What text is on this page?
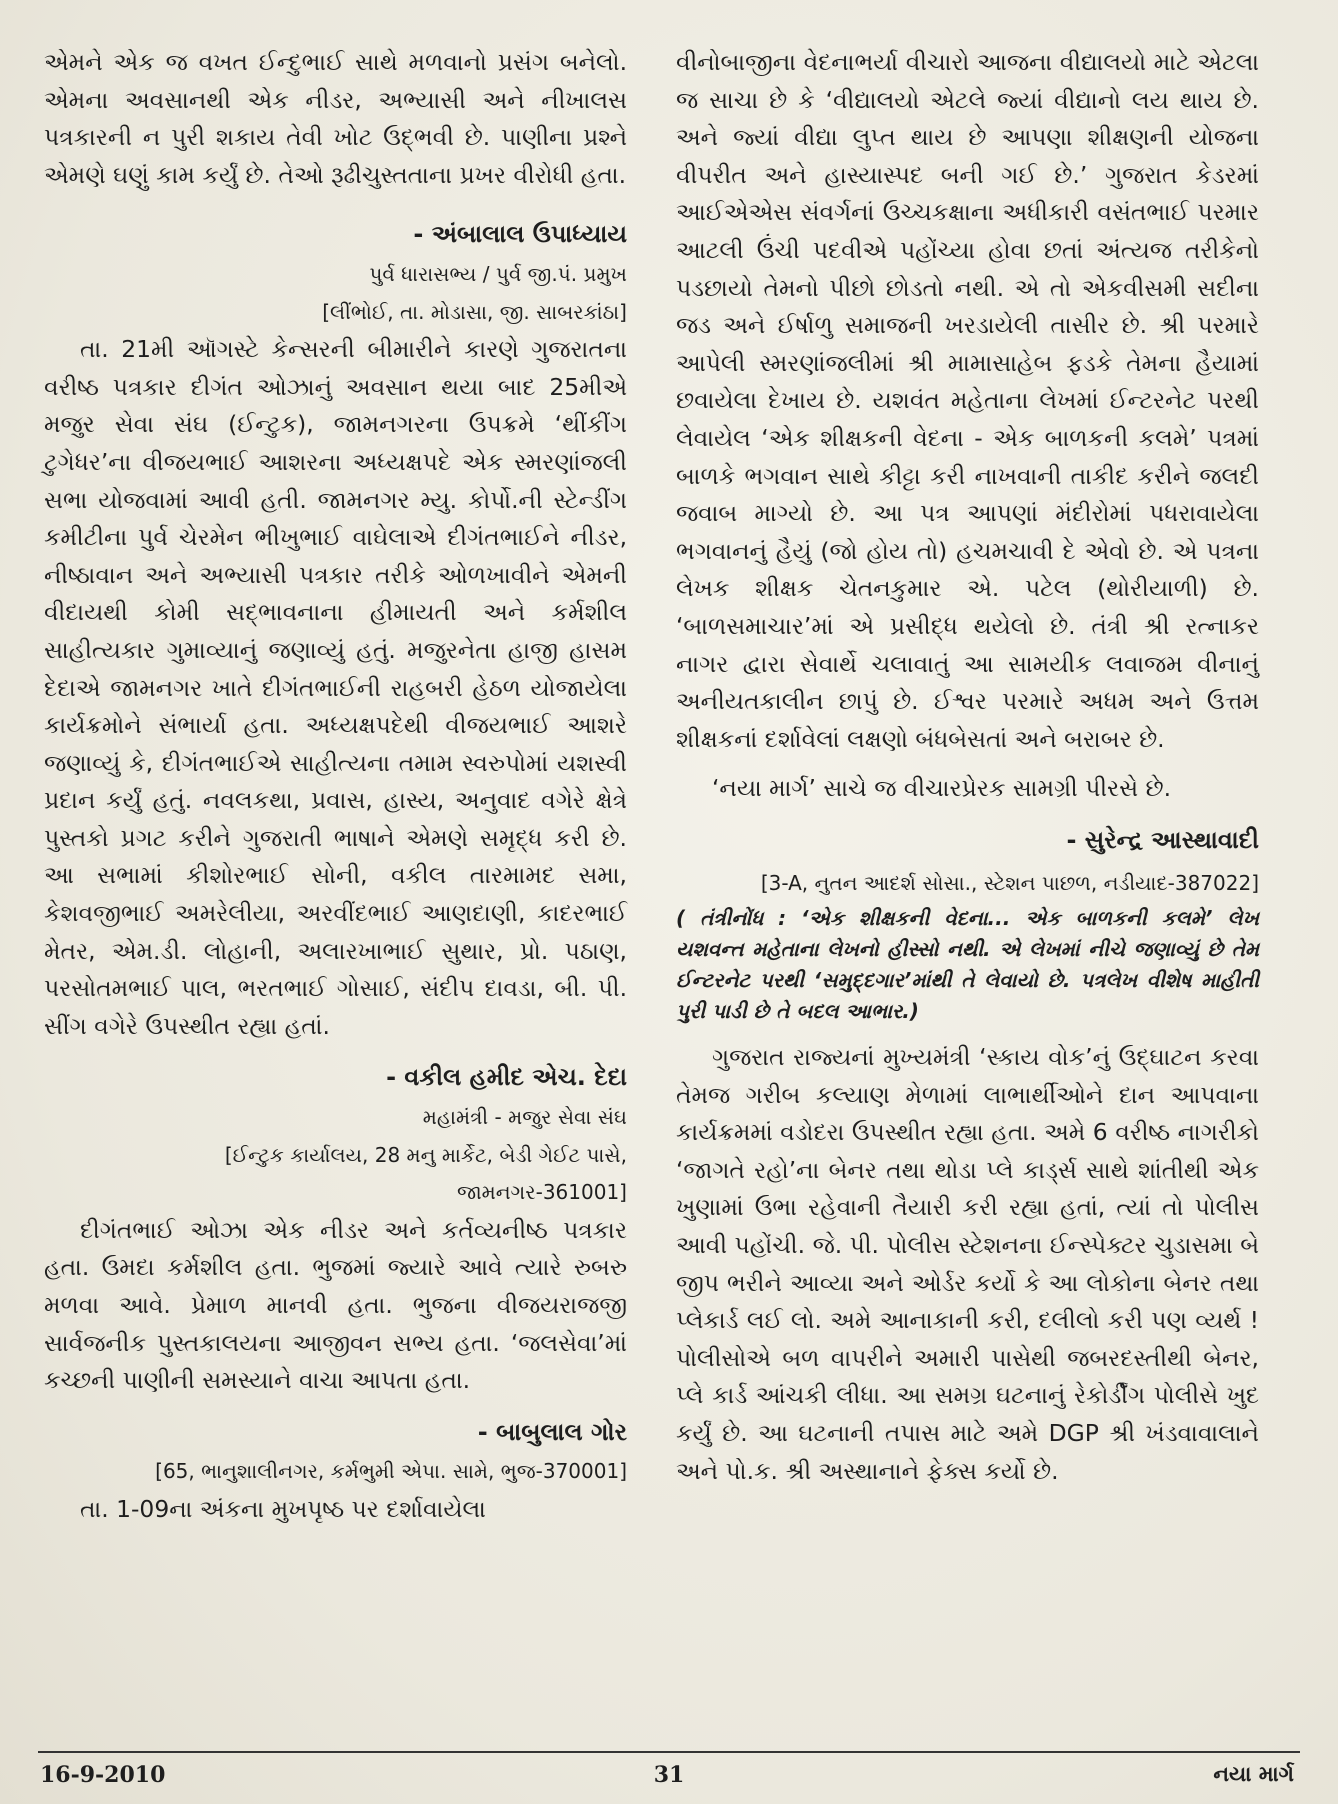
એમને એક જ વખત ઈન્દુભાઈ સાથે મળવાનો પ્રસંગ બનેલો. એમના અવસાનથી એક નીડર, અભ્યાસી અને નીખાલસ પત્રકારની ન પુરી શકાય તેવી ખોટ ઉદ્ભવી છે. પાણીના પ્રશ્ને એમણે ઘણું કામ કર્યું છે. તેઓ રૂઢીચુસ્તતાના પ્રખર વીરોધી હતા.

- અંબાલાલ ઉપાધ્યાય
પુર્વ ધારાસભ્ય / પુર્વ જી.પં. પ્રમુખ
[લીંભોઈ, તા. મોડાસા, જી. સાબરકાંઠા]

તા. 21મી ઑગસ્ટે કેન્સરની બીમારીને કારણે ગુજરાતના વરીષ્ઠ પત્રકાર દીગંત ઓઝાનું અવસાન થયા બાદ 25મીએ મજુર સેવા સંઘ (ઈન્ટુક), જામનગરના ઉપક્રમે ‘થીંકીંગ ટુગેધર’ના વીજયભાઈ આશરના અધ્યક્ષપદે એક સ્મરણાંજલી સભા યોજવામાં આવી હતી. જામનગર મ્યુ. કોર્પો.ની સ્ટેન્ડીંગ કમીટીના પુર્વ ચેરમેન ભીખુભાઈ વાઘેલાએ દીગંતભાઈને નીડર, નીષ્ઠાવાન અને અભ્યાસી પત્રકાર તરીકે ઓળખાવીને એમની વીદાયથી કોમી સદ્ભાવનાના હીમાયતી અને કર્મશીલ સાહીત્યકાર ગુમાવ્યાનું જણાવ્યું હતું. મજુરનેતા હાજી હાસમ દેદાએ જામનગર ખાતે દીગંતભાઈની રાહબરી હેઠળ યોજાયેલા કાર્યક્રમોને સંભાર્યા હતા. અધ્યક્ષપદેથી વીજયભાઈ આશરે જણાવ્યું કે, દીગંતભાઈએ સાહીત્યના તમામ સ્વરુપોમાં યશસ્વી પ્રદાન કર્યું હતું. નવલકથા, પ્રવાસ, હાસ્ય, અનુવાદ વગેરે ક્ષેત્રે પુસ્તકો પ્રગટ કરીને ગુજરાતી ભાષાને એમણે સમૃદ્ધ કરી છે. આ સભામાં કીશોરભાઈ સોની, વકીલ તારમામદ સમા, કેશવજીભાઈ અમરેલીયા, અરવીંદભાઈ આણદાણી, કાદરભાઈ મેતર, એમ.ડી. લોહાની, અલારખાભાઈ સુથાર, પ્રો. પઠાણ, પરસોતમભાઈ પાલ, ભરતભાઈ ગોસાઈ, સંદીપ દાવડા, બી. પી. સીંગ વગેરે ઉપસ્થીત રહ્યા હતાં.

- વકીલ હમીદ એચ. દેદા
મહામંત્રી - મજુર સેવા સંઘ
[ઈન્ટુક કાર્યાલય, 28 મનુ માર્કેટ, બેડી ગેઈટ પાસે,
જામનગર-361001]

દીગંતભાઈ ઓઝા એક નીડર અને કર્તવ્યનીષ્ઠ પત્રકાર હતા. ઉમદા કર્મશીલ હતા. ભુજમાં જ્યારે આવે ત્યારે રુબરુ મળવા આવે. પ્રેમાળ માનવી હતા. ભુજના વીજયરાજજી સાર્વજનીક પુસ્તકાલયના આજીવન સભ્ય હતા. ‘જલસેવા’માં કચ્છની પાણીની સમસ્યાને વાચા આપતા હતા.

- બાબુલાલ ગોર
[65, ભાનુશાલીનગર, કર્મભુમી એપા. સામે, ભુજ-370001]

તા. 1-09ના અંકના મુખપૃષ્ઠ પર દર્શાવાયેલા

વીનોબાજીના વેદનાભર્યા વીચારો આજના વીદ્યાલયો માટે એટલા જ સાચા છે કે ‘વીદ્યાલયો એટલે જ્યાં વીદ્યાનો લય થાય છે. અને જ્યાં વીદ્યા લુપ્ત થાય છે આપણા શીક્ષણની યોજના વીપરીત અને હાસ્યાસ્પદ બની ગઈ છે.’ ગુજરાત કેડરમાં આઈએએસ સંવર્ગનાં ઉચ્ચકક્ષાના અધીકારી વસંતભાઈ પરમાર આટલી ઉંચી પદવીએ પહોંચ્યા હોવા છતાં અંત્યજ તરીકેનો પડછાયો તેમનો પીછો છોડતો નથી. એ તો એકવીસમી સદીના જડ અને ઈર્ષાળુ સમાજની ખરડાયેલી તાસીર છે. શ્રી પરમારે આપેલી સ્મરણાંજલીમાં શ્રી મામાસાહેબ ફડકે તેમના હૈયામાં છવાયેલા દેખાય છે. યશવંત મહેતાના લેખમાં ઈન્ટરનેટ પરથી લેવાયેલ ‘એક શીક્ષકની વેદના - એક બાળકની કલમે’ પત્રમાં બાળકે ભગવાન સાથે કીટ્ટા કરી નાખવાની તાકીદ કરીને જલદી જવાબ માગ્યો છે. આ પત્ર આપણાં મંદીરોમાં પધરાવાયેલા ભગવાનનું હૈયું (જો હોય તો) હચમચાવી દે એવો છે. એ પત્રના લેખક શીક્ષક ચેતનકુમાર એ. પટેલ (થોરીયાળી) છે. ‘બાળસમાચાર’માં એ પ્રસીદ્ધ થયેલો છે. તંત્રી શ્રી રત્નાકર નાગર દ્વારા સેવાર્થે ચલાવાતું આ સામયીક લવાજમ વીનાનું અનીયતકાલીન છાપું છે. ઈશ્વર પરમારે અધમ અને ઉત્તમ શીક્ષકનાં દર્શાવેલાં લક્ષણો બંધબેસતાં અને બરાબર છે.

‘નયા માર્ગ’ સાચે જ વીચારપ્રેરક સામગ્રી પીરસે છે.

- સુરેન્દ્ર આસ્થાવાદી
[3-A, નુતન આદર્શ સોસા., સ્ટેશન પાછળ, નડીયાદ-387022]

( તંત્રીનોંધ : ‘એક શીક્ષકની વેદના... એક બાળકની કલમે’ લેખ યશવન્ત મહેતાના લેખનો હીસ્સો નથી. એ લેખમાં નીચે જણાવ્યું છે તેમ ઈન્ટરનેટ પરથી ‘સમુદ્દગાર’માંથી તે લેવાયો છે. પત્રલેખ વીશેષ માહીતી પુરી પાડી છે તે બદલ આભાર.)

ગુજરાત રાજ્યનાં મુખ્યમંત્રી ‘સ્કાય વોક’નું ઉદ્ઘાટન કરવા તેમજ ગરીબ કલ્યાણ મેળામાં લાભાર્થીઓને દાન આપવાના કાર્યક્રમમાં વડોદરા ઉપસ્થીત રહ્યા હતા. અમે 6 વરીષ્ઠ નાગરીકો ‘જાગતે રહો’ના બેનર તથા થોડા પ્લે કાર્ડ્સ સાથે શાંતીથી એક ખુણામાં ઉભા રહેવાની તૈયારી કરી રહ્યા હતાં, ત્યાં તો પોલીસ આવી પહોંચી. જે. પી. પોલીસ સ્ટેશનના ઈન્સ્પેક્ટર ચુડાસમા બે જીપ ભરીને આવ્યા અને ઓર્ડર કર્યો કે આ લોકોના બેનર તથા પ્લેકાર્ડ લઈ લો. અમે આનાકાની કરી, દલીલો કરી પણ વ્યર્થ ! પોલીસોએ બળ વાપરીને અમારી પાસેથી જબરદસ્તીથી બેનર, પ્લે કાર્ડ આંચકી લીધા. આ સમગ્ર ઘટનાનું રેકોર્ડીંગ પોલીસે ખુદ કર્યું છે. આ ઘટનાની તપાસ માટે અમે DGP શ્રી ખંડવાવાલાને અને પો.ક. શ્રી અસ્થાનાને ફેક્સ કર્યો છે.

16-9-2010	31	નયા માર્ગ
